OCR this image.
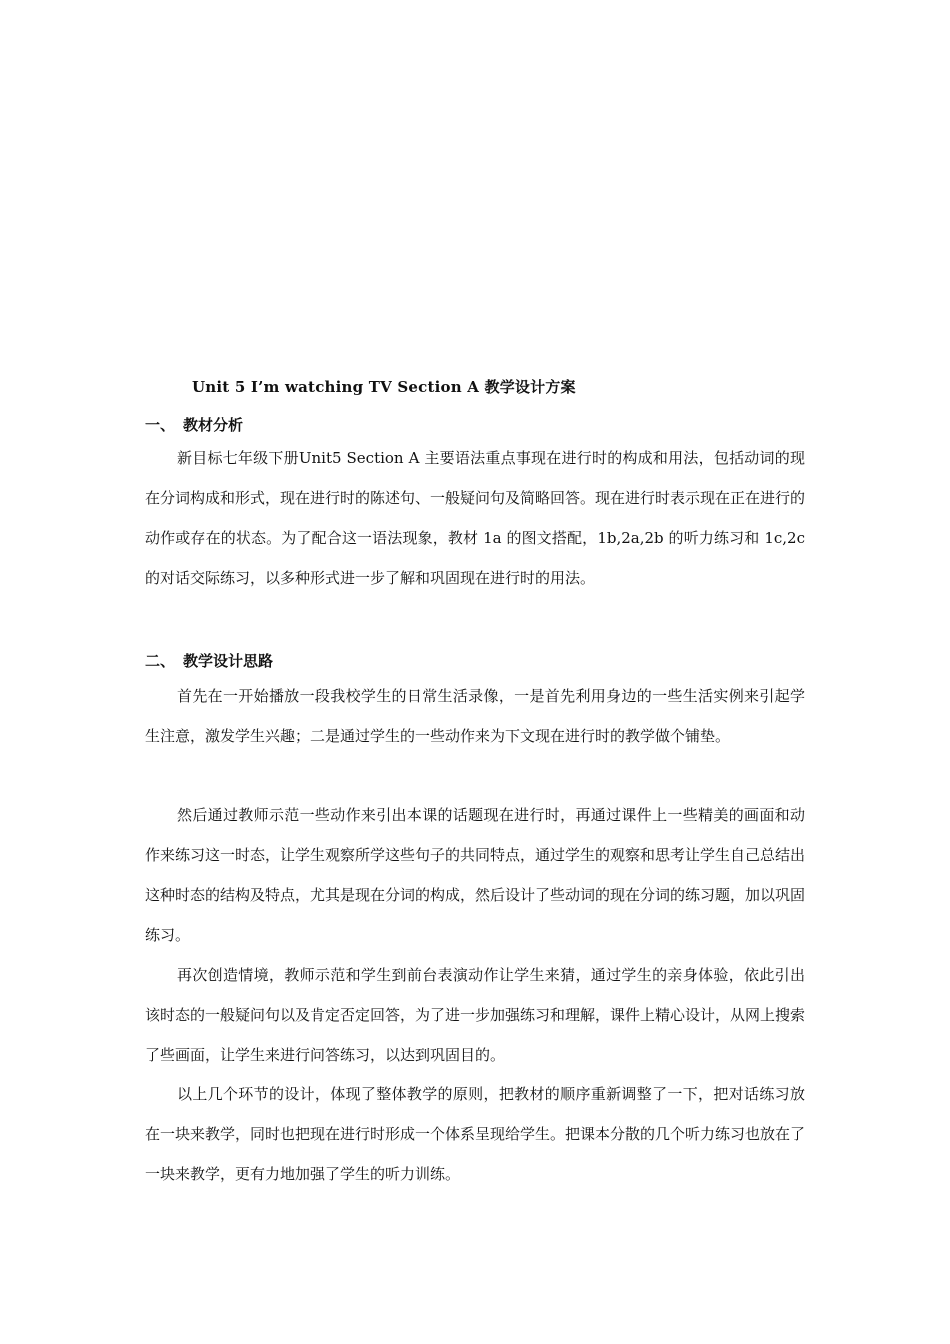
Unit 5 I’m watching TV Section A 教学设计方案
一、 教材分析

新目标七年级下册Unit5 Section A 主要语法重点事现在进行时的构成和用法，包括动词的现在分词构成和形式，现在进行时的陈述句、一般疑问句及简略回答。现在进行时表示现在正在进行的动作或存在的状态。为了配合这一语法现象，教材 1a 的图文搭配，1b,2a,2b 的听力练习和 1c,2c 的对话交际练习，以多种形式进一步了解和巩固现在进行时的用法。

二、 教学设计思路

首先在一开始播放一段我校学生的日常生活录像，一是首先利用身边的一些生活实例来引起学生注意，激发学生兴趣；二是通过学生的一些动作来为下文现在进行时的教学做个铺垫。

然后通过教师示范一些动作来引出本课的话题现在进行时，再通过课件上一些精美的画面和动作来练习这一时态，让学生观察所学这些句子的共同特点，通过学生的观察和思考让学生自己总结出这种时态的结构及特点，尤其是现在分词的构成，然后设计了些动词的现在分词的练习题，加以巩固练习。

再次创造情境，教师示范和学生到前台表演动作让学生来猜，通过学生的亲身体验，依此引出该时态的一般疑问句以及肯定否定回答，为了进一步加强练习和理解，课件上精心设计，从网上搜索了些画面，让学生来进行问答练习，以达到巩固目的。

以上几个环节的设计，体现了整体教学的原则，把教材的顺序重新调整了一下，把对话练习放在一块来教学，同时也把现在进行时形成一个体系呈现给学生。把课本分散的几个听力练习也放在了一块来教学，更有力地加强了学生的听力训练。
